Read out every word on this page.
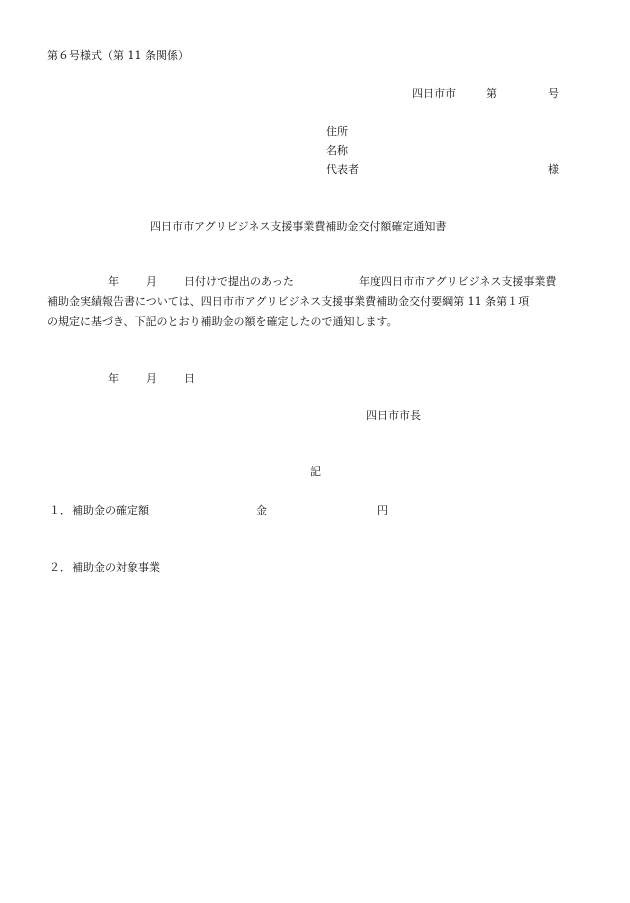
第６号様式（第 11 条関係）
四日市市	第	号
住所
名称
代表者	様
四日市市アグリビジネス支援事業費補助金交付額確定通知書
年 月 日付けで提出のあった	年度四日市市アグリビジネス支援事業費
補助金実績報告書については、四日市市アグリビジネス支援事業費補助金交付要綱第 11 条第１項
の規定に基づき、下記のとおり補助金の額を確定したので通知します。
年 月 日
四日市市長
記
１． 補助金の確定額	金	円
２． 補助金の対象事業
